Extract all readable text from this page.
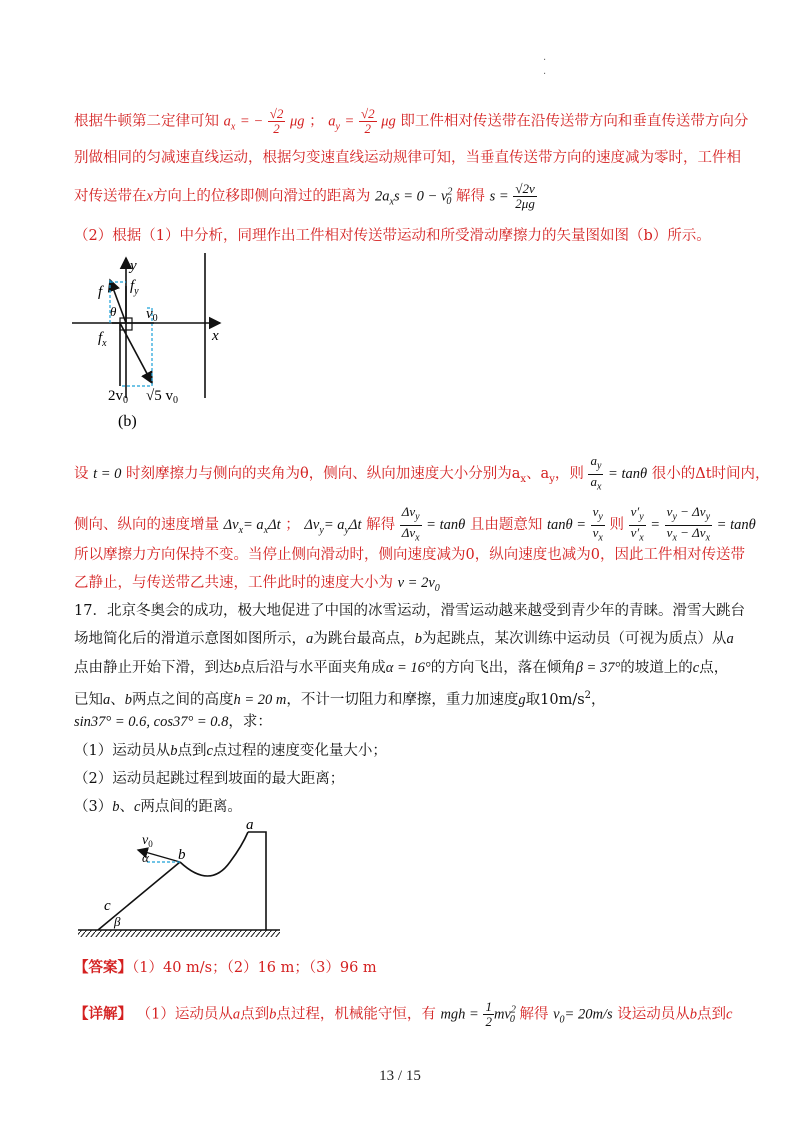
.
.
根据牛顿第二定律可知 $a_x$ = − $\frac{√2}{2}$ μg ； $a_y = \frac{√2}{2}$ μg 即工件相对传送带在沿传送带方向和垂直传送带方向分
别做相同的匀减速直线运动，根据匀变速直线运动规律可知，当垂直传送带方向的速度减为零时，工件相
对传送带在x方向上的位移即侧向滑过的距离为 $2a_xs = 0 - v^2_0$ 解得 $s = \frac{√2v}{2\mu g}$
（2）根据（1）中分析，同理作出工件相对传送带运动和所受滑动摩擦力的矢量图如图（b）所示。
y
$f_y$
f
θ $v_0$
x
$f_x$
$2v_0$ √5 $v_0$
(b)
设 t = 0 时刻摩擦力与侧向的夹角为θ，侧向、纵向加速度大小分别为$a_x$、$a_y$，则 $\frac{a_y}{a_x} = \tan\theta$ 很小的Δt时间内，
侧向、纵向的速度增量 $\Delta v_x= a_x\Delta t$ ； $\Delta v_y= a_y\Delta t$ 解得 $\frac{\Delta v_y}{\Delta v_x} = \tan\theta$ 且由题意知 $\tan\theta = \frac{v_y}{v_x}$ 则 $\frac{v'_y}{v'_x} = \frac{v_y - \Delta v_y}{v_x - \Delta v_x} = \tan\theta$
所以摩擦力方向保持不变。当停止侧向滑动时，侧向速度减为0，纵向速度也减为0，因此工件相对传送带
乙静止，与传送带乙共速，工件此时的速度大小为 $v = 2v_0$
17．北京冬奥会的成功，极大地促进了中国的冰雪运动，滑雪运动越来越受到青少年的青睐。滑雪大跳台
场地简化后的滑道示意图如图所示，a为跳台最高点，b为起跳点，某次训练中运动员（可视为质点）从a
点由静止开始下滑，到达b点后沿与水平面夹角成α = 16°的方向飞出，落在倾角β = 37°的坡道上的c点，
已知a、b两点之间的高度h = 20 m，不计一切阻力和摩擦，重力加速度g取$10m/s^2$，
sin37° = 0.6, cos37° = 0.8，求：
（1）运动员从b点到c点过程的速度变化量大小；
（2）运动员起跳过程到坡面的最大距离；
（3）b、c两点间的距离。
$v_0$
α b
a
c
β
【答案】（1）40 m/s；（2）16 m；（3）96 m
【详解】 （1）运动员从a点到b点过程，机械能守恒，有 mgh = $\frac{1}{2} mv^2_0$ 解得 $v_0= 20m/s$ 设运动员从b点到c
13 / 15
